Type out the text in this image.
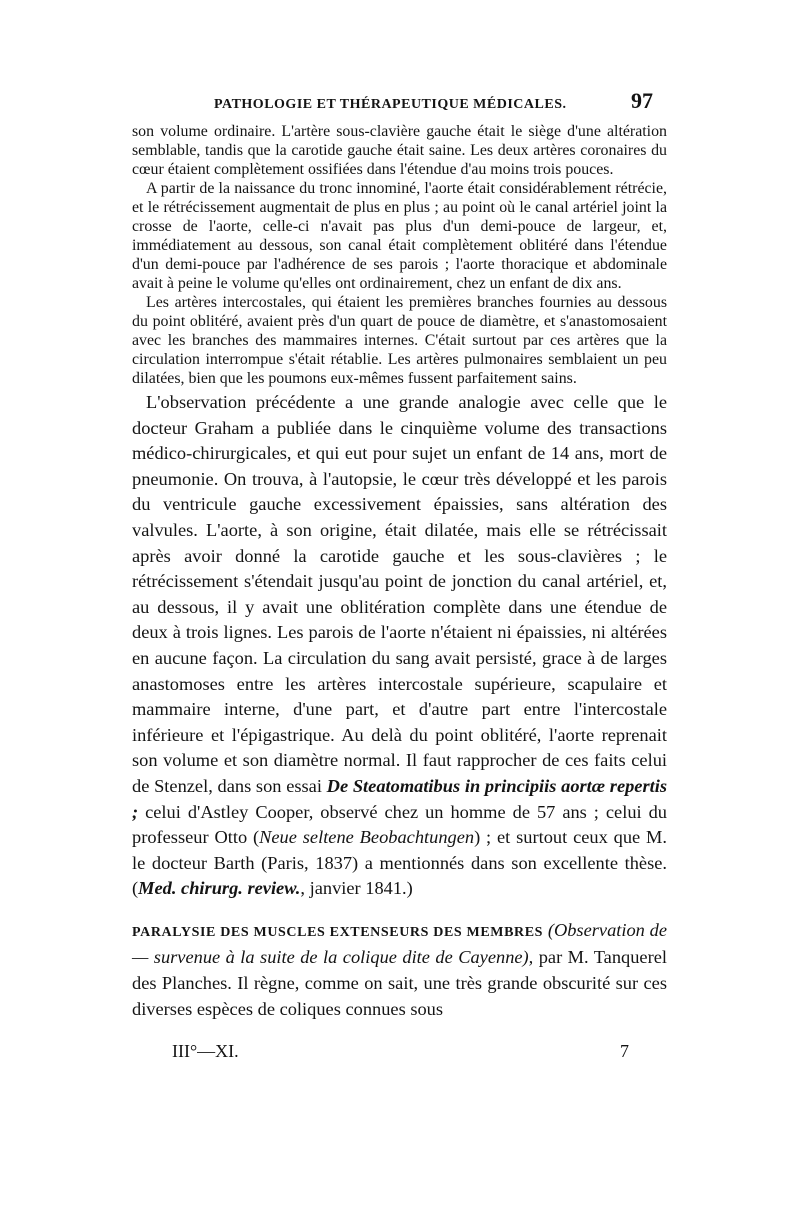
PATHOLOGIE ET THÉRAPEUTIQUE MÉDICALES.	97

son volume ordinaire. L'artère sous-clavière gauche était le siège d'une altération semblable, tandis que la carotide gauche était saine. Les deux artères coronaires du cœur étaient complètement ossifiées dans l'étendue d'au moins trois pouces.

A partir de la naissance du tronc innominé, l'aorte était considérablement rétrécie, et le rétrécissement augmentait de plus en plus ; au point où le canal artériel joint la crosse de l'aorte, celle-ci n'avait pas plus d'un demi-pouce de largeur, et, immédiatement au dessous, son canal était complètement oblitéré dans l'étendue d'un demi-pouce par l'adhérence de ses parois ; l'aorte thoracique et abdominale avait à peine le volume qu'elles ont ordinairement, chez un enfant de dix ans.

Les artères intercostales, qui étaient les premières branches fournies au dessous du point oblitéré, avaient près d'un quart de pouce de diamètre, et s'anastomosaient avec les branches des mammaires internes. C'était surtout par ces artères que la circulation interrompue s'était rétablie. Les artères pulmonaires semblaient un peu dilatées, bien que les poumons eux-mêmes fussent parfaitement sains.

L'observation précédente a une grande analogie avec celle que le docteur Graham a publiée dans le cinquième volume des transactions médico-chirurgicales, et qui eut pour sujet un enfant de 14 ans, mort de pneumonie. On trouva, à l'autopsie, le cœur très développé et les parois du ventricule gauche excessivement épaissies, sans altération des valvules. L'aorte, à son origine, était dilatée, mais elle se rétrécissait après avoir donné la carotide gauche et les sous-clavières ; le rétrécissement s'étendait jusqu'au point de jonction du canal artériel, et, au dessous, il y avait une oblitération complète dans une étendue de deux à trois lignes. Les parois de l'aorte n'étaient ni épaissies, ni altérées en aucune façon. La circulation du sang avait persisté, grace à de larges anastomoses entre les artères intercostale supérieure, scapulaire et mammaire interne, d'une part, et d'autre part entre l'intercostale inférieure et l'épigastrique. Au delà du point oblitéré, l'aorte reprenait son volume et son diamètre normal. Il faut rapprocher de ces faits celui de Stenzel, dans son essai De Steatomatibus in principiis aortæ repertis ; celui d'Astley Cooper, observé chez un homme de 57 ans ; celui du professeur Otto (Neue seltene Beobachtungen) ; et surtout ceux que M. le docteur Barth (Paris, 1837) a mentionnés dans son excellente thèse. (Med. chirurg. review., janvier 1841.)

PARALYSIE DES MUSCLES EXTENSEURS DES MEMBRES (Observation de — survenue à la suite de la colique dite de Cayenne), par M. Tanquerel des Planches. Il règne, comme on sait, une très grande obscurité sur ces diverses espèces de coliques connues sous

III°—XI.	7
